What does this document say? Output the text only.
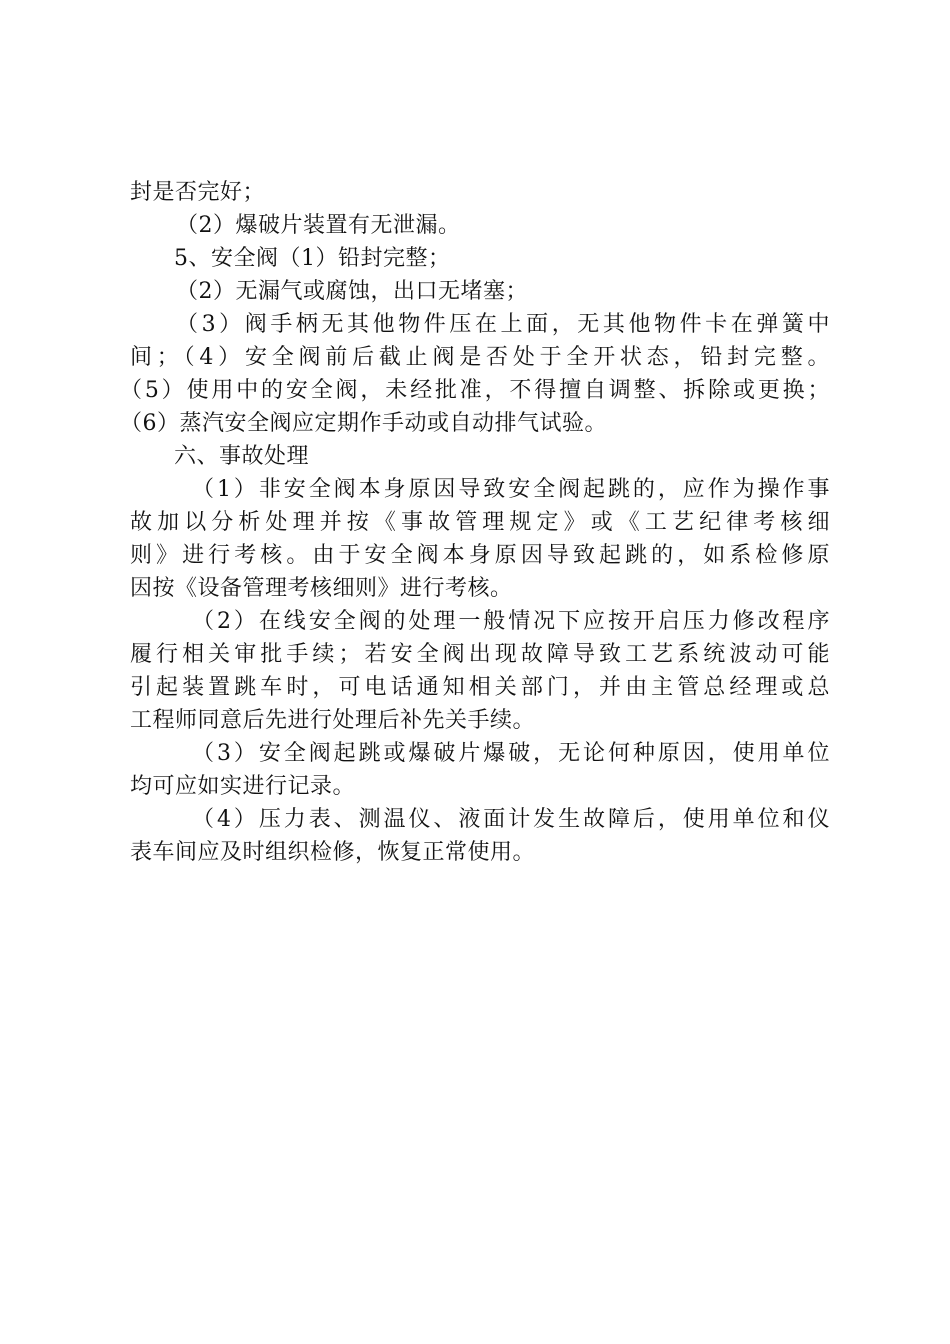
封是否完好；
（2）爆破片装置有无泄漏。
5、安全阀（1）铅封完整；
（2）无漏气或腐蚀，出口无堵塞；
（3）阀手柄无其他物件压在上面，无其他物件卡在弹簧中
间；（4）安全阀前后截止阀是否处于全开状态，铅封完整。
（5）使用中的安全阀，未经批准，不得擅自调整、拆除或更换；
（6）蒸汽安全阀应定期作手动或自动排气试验。
六、事故处理
（1）非安全阀本身原因导致安全阀起跳的，应作为操作事
故加以分析处理并按《事故管理规定》或《工艺纪律考核细
则》进行考核。由于安全阀本身原因导致起跳的，如系检修原
因按《设备管理考核细则》进行考核。
（2）在线安全阀的处理一般情况下应按开启压力修改程序
履行相关审批手续；若安全阀出现故障导致工艺系统波动可能
引起装置跳车时，可电话通知相关部门，并由主管总经理或总
工程师同意后先进行处理后补先关手续。
（3）安全阀起跳或爆破片爆破，无论何种原因，使用单位
均可应如实进行记录。
（4）压力表、测温仪、液面计发生故障后，使用单位和仪
表车间应及时组织检修，恢复正常使用。
